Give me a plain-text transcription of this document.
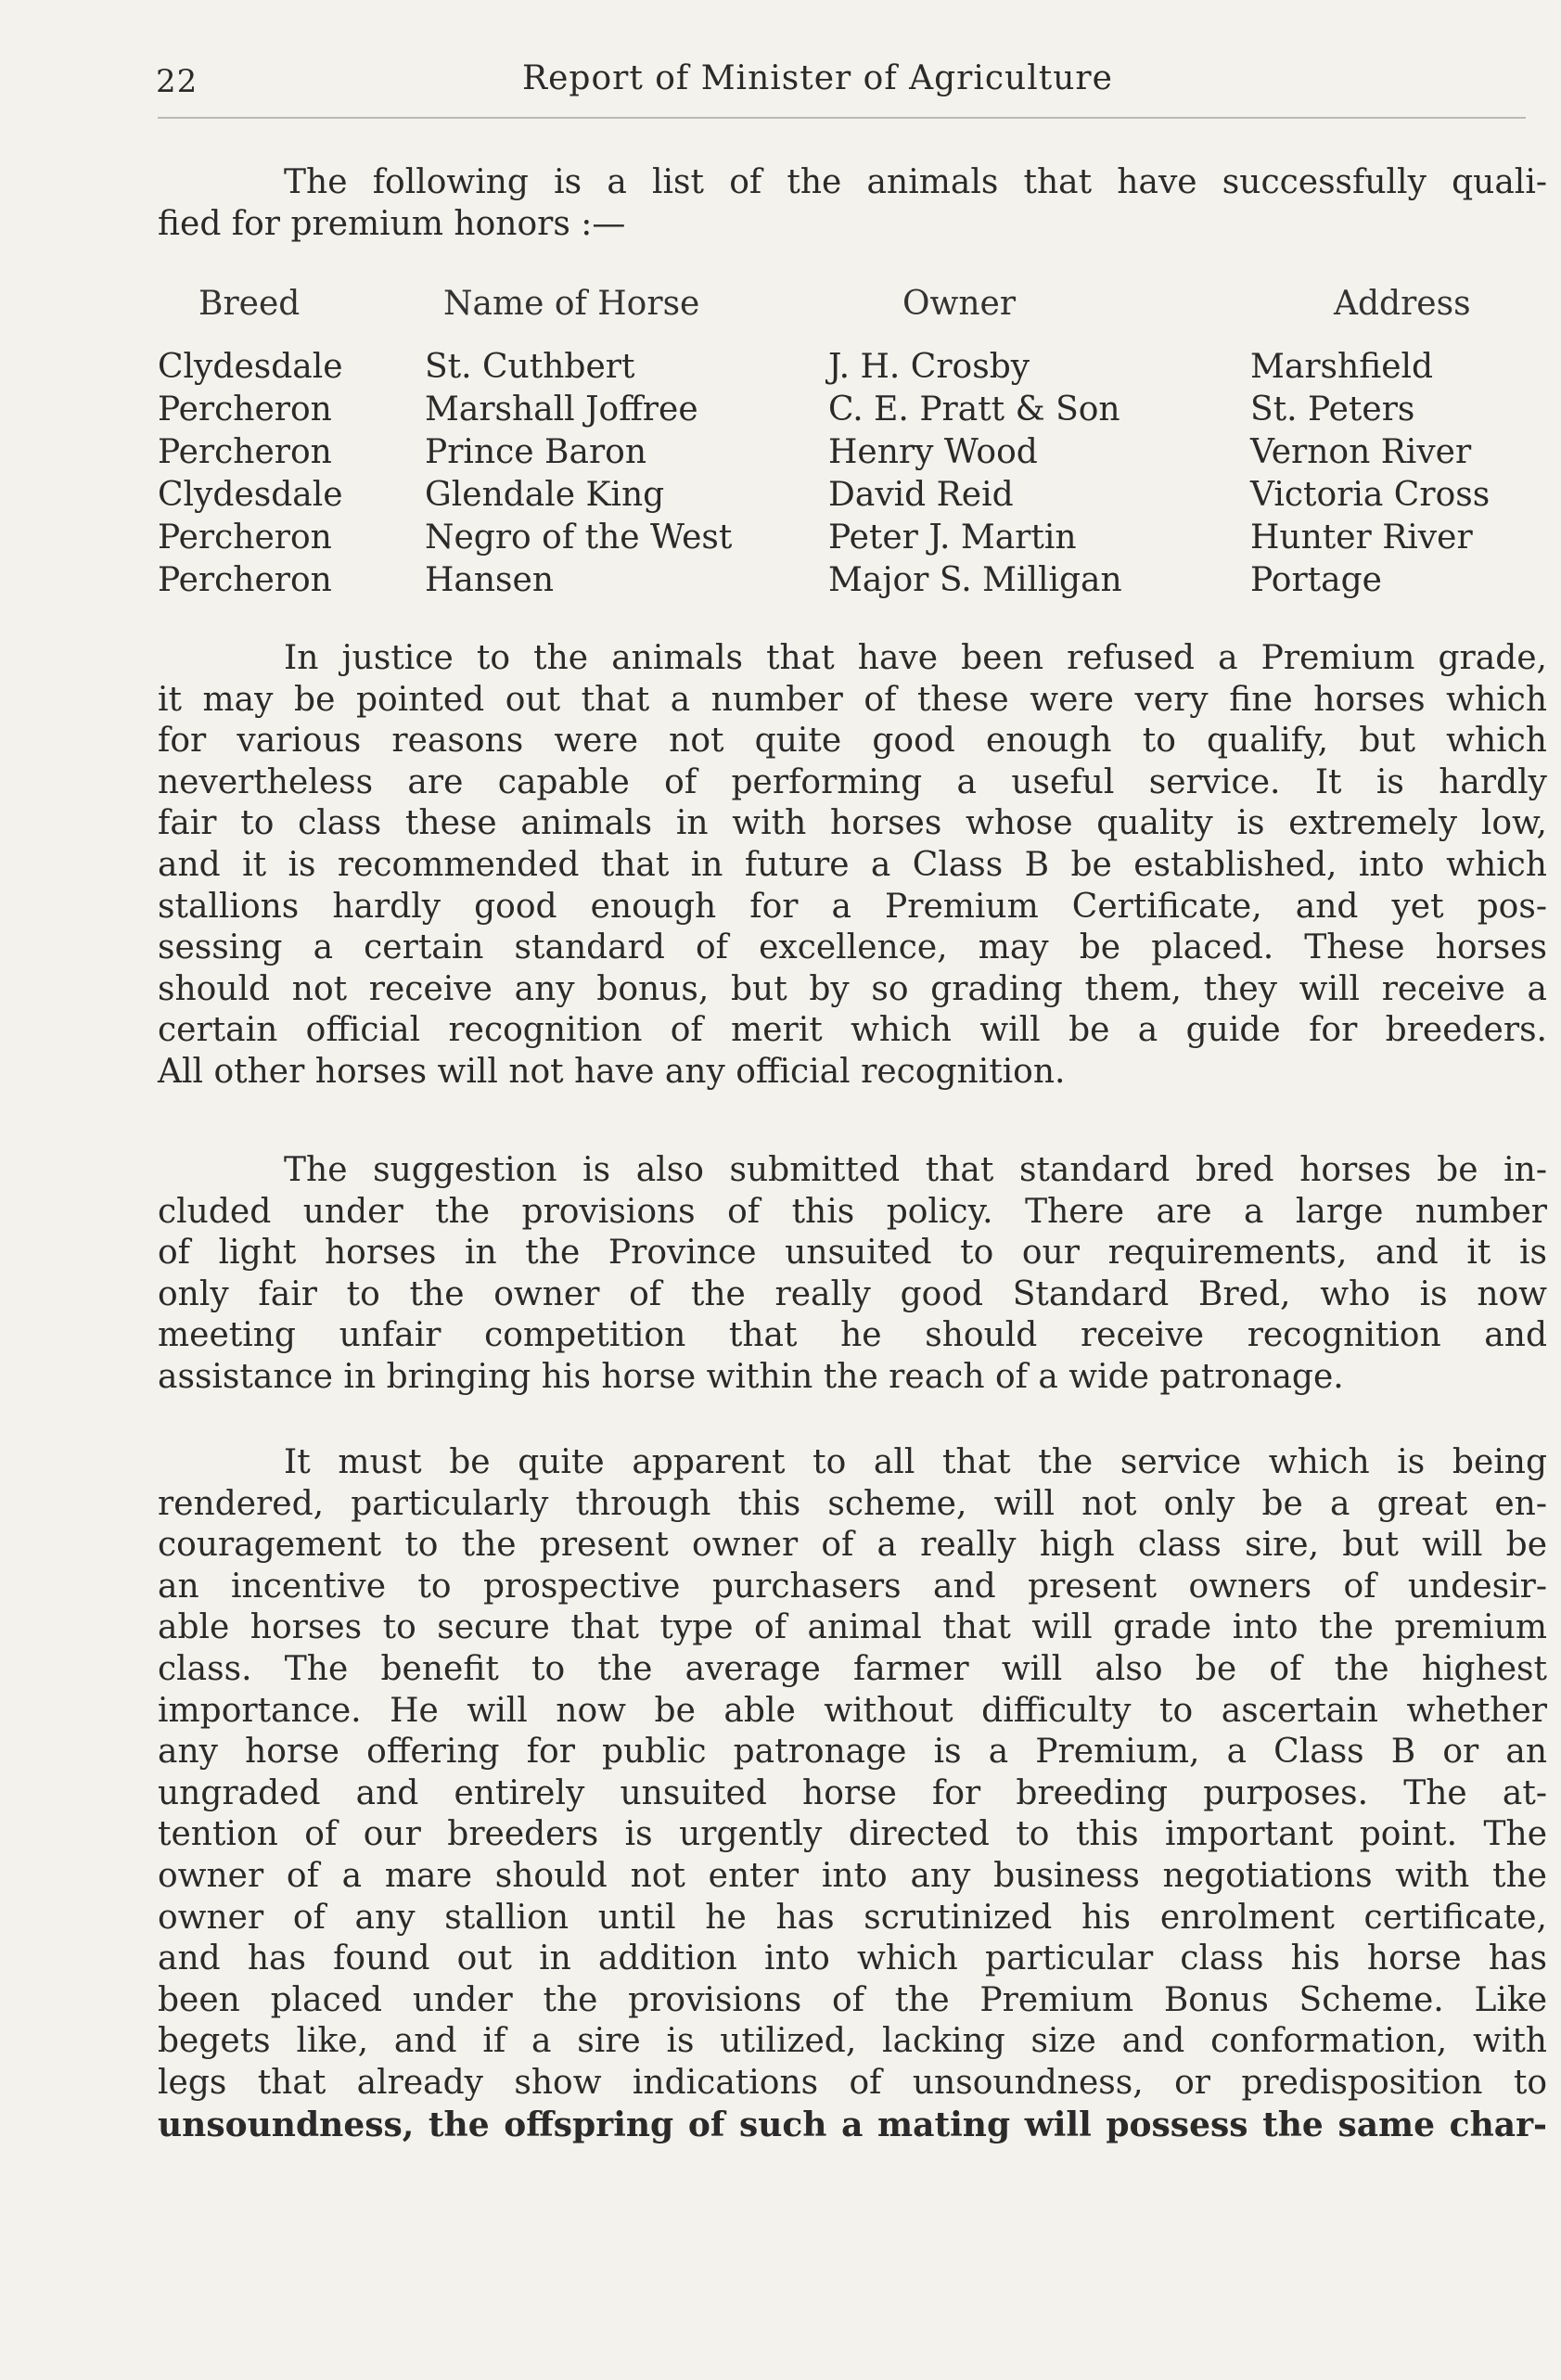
22	Report of Minister of Agriculture

The following is a list of the animals that have successfully quali-

fied for premium honors :—

Breed	Name of Horse	Owner	Address
Clydesdale	St. Cuthbert	J. H. Crosby	Marshfield
Percheron	Marshall Joffree	C. E. Pratt & Son	St. Peters
Percheron	Prince Baron	Henry Wood	Vernon River
Clydesdale	Glendale King	David Reid	Victoria Cross
Percheron	Negro of the West	Peter J. Martin	Hunter River
Percheron	Hansen	Major S. Milligan	Portage

In justice to the animals that have been refused a Premium grade,

it may be pointed out that a number of these were very fine horses which

for various reasons were not quite good enough to qualify, but which

nevertheless are capable of performing a useful service. It is hardly

fair to class these animals in with horses whose quality is extremely low,

and it is recommended that in future a Class B be established, into which

stallions hardly good enough for a Premium Certificate, and yet pos-

sessing a certain standard of excellence, may be placed. These horses

should not receive any bonus, but by so grading them, they will receive a

certain official recognition of merit which will be a guide for breeders.

All other horses will not have any official recognition.

The suggestion is also submitted that standard bred horses be in-

cluded under the provisions of this policy. There are a large number

of light horses in the Province unsuited to our requirements, and it is

only fair to the owner of the really good Standard Bred, who is now

meeting unfair competition that he should receive recognition and

assistance in bringing his horse within the reach of a wide patronage.

It must be quite apparent to all that the service which is being

rendered, particularly through this scheme, will not only be a great en-

couragement to the present owner of a really high class sire, but will be

an incentive to prospective purchasers and present owners of undesir-

able horses to secure that type of animal that will grade into the premium

class. The benefit to the average farmer will also be of the highest

importance. He will now be able without difficulty to ascertain whether

any horse offering for public patronage is a Premium, a Class B or an

ungraded and entirely unsuited horse for breeding purposes. The at-

tention of our breeders is urgently directed to this important point. The

owner of a mare should not enter into any business negotiations with the

owner of any stallion until he has scrutinized his enrolment certificate,

and has found out in addition into which particular class his horse has

been placed under the provisions of the Premium Bonus Scheme. Like

begets like, and if a sire is utilized, lacking size and conformation, with

legs that already show indications of unsoundness, or predisposition to

unsoundness, the offspring of such a mating will possess the same char-
